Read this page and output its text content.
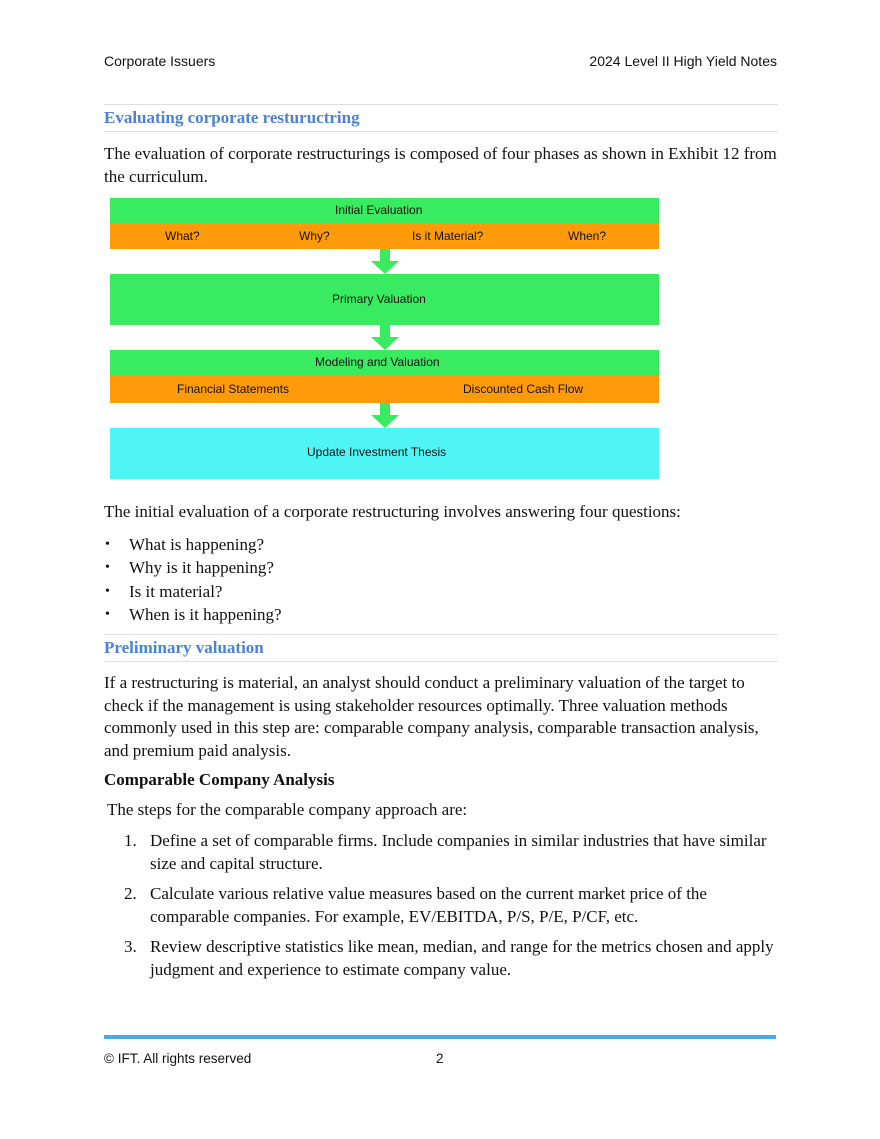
Corporate Issuers	2024 Level II High Yield Notes
Evaluating corporate restuructring

The evaluation of corporate restructurings is composed of four phases as shown in Exhibit 12 from the curriculum.

Initial Evaluation
What?	Why?	Is it Material?	When?
Primary Valuation
Modeling and Valuation
Financial Statements	Discounted Cash Flow
Update Investment Thesis

The initial evaluation of a corporate restructuring involves answering four questions:

• What is happening?
• Why is it happening?
• Is it material?
• When is it happening?
Preliminary valuation

If a restructuring is material, an analyst should conduct a preliminary valuation of the target to check if the management is using stakeholder resources optimally. Three valuation methods commonly used in this step are: comparable company analysis, comparable transaction analysis, and premium paid analysis.

Comparable Company Analysis

The steps for the comparable company approach are:

1. Define a set of comparable firms. Include companies in similar industries that have similar size and capital structure.
2. Calculate various relative value measures based on the current market price of the comparable companies. For example, EV/EBITDA, P/S, P/E, P/CF, etc.
3. Review descriptive statistics like mean, median, and range for the metrics chosen and apply judgment and experience to estimate company value.
© IFT. All rights reserved	2
